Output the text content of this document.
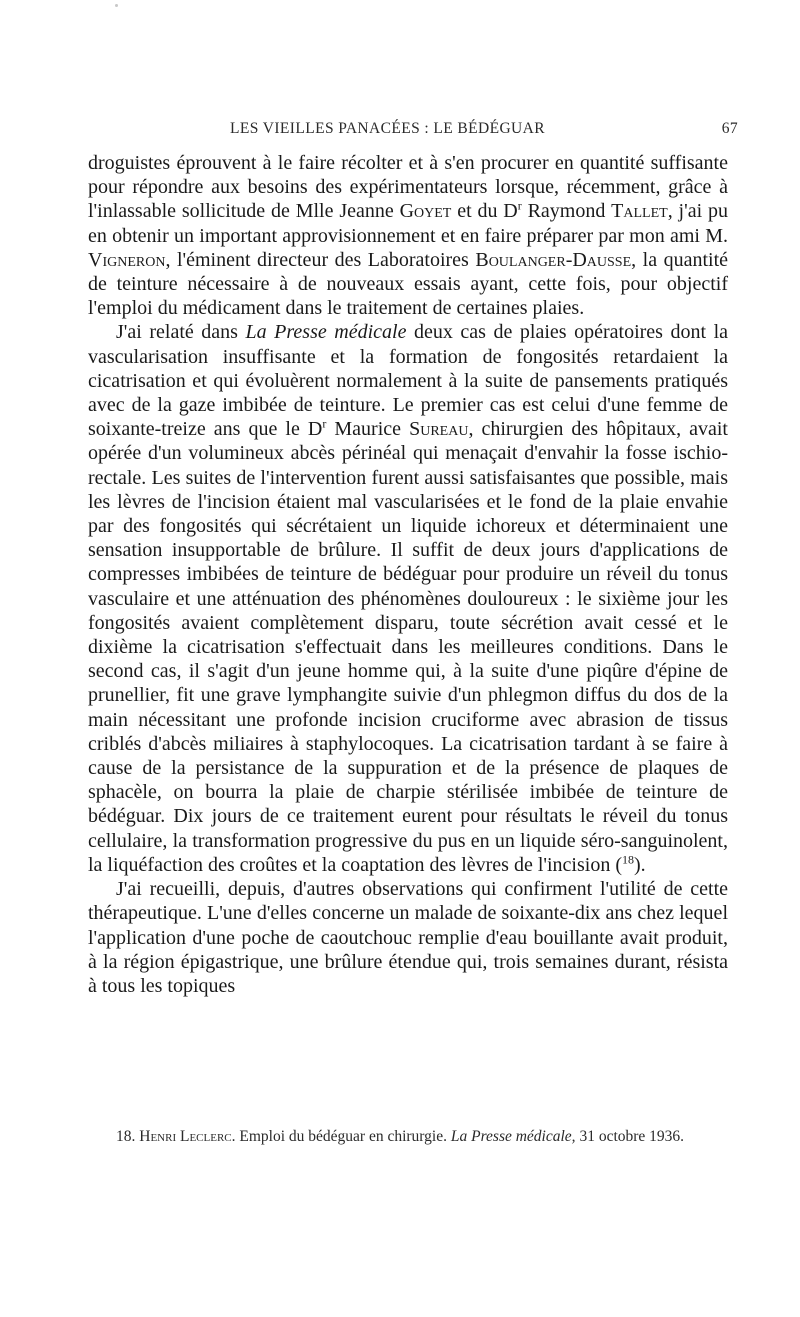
LES VIEILLES PANACÉES : LE BÉDÉGUAR	67

droguistes éprouvent à le faire récolter et à s'en procurer en quantité suffisante pour répondre aux besoins des expérimentateurs lorsque, récemment, grâce à l'inlassable sollicitude de Mlle Jeanne Goyet et du $D^r$ Raymond Tallet, j'ai pu en obtenir un important approvisionnement et en faire préparer par mon ami M. Vigneron, l'éminent directeur des Laboratoires Boulanger-Dausse, la quantité de teinture nécessaire à de nouveaux essais ayant, cette fois, pour objectif l'emploi du médicament dans le traitement de certaines plaies.

J'ai relaté dans La Presse médicale deux cas de plaies opératoires dont la vascularisation insuffisante et la formation de fongosités retardaient la cicatrisation et qui évoluèrent normalement à la suite de pansements pratiqués avec de la gaze imbibée de teinture. Le premier cas est celui d'une femme de soixante-treize ans que le $D^r$ Maurice Sureau, chirurgien des hôpitaux, avait opérée d'un volumineux abcès périnéal qui menaçait d'envahir la fosse ischio-rectale. Les suites de l'intervention furent aussi satisfaisantes que possible, mais les lèvres de l'incision étaient mal vascularisées et le fond de la plaie envahie par des fongosités qui sécrétaient un liquide ichoreux et déterminaient une sensation insupportable de brûlure. Il suffit de deux jours d'applications de compresses imbibées de teinture de bédéguar pour produire un réveil du tonus vasculaire et une atténuation des phénomènes douloureux : le sixième jour les fongosités avaient complètement disparu, toute sécrétion avait cessé et le dixième la cicatrisation s'effectuait dans les meilleures conditions. Dans le second cas, il s'agit d'un jeune homme qui, à la suite d'une piqûre d'épine de prunellier, fit une grave lymphangite suivie d'un phlegmon diffus du dos de la main nécessitant une profonde incision cruciforme avec abrasion de tissus criblés d'abcès miliaires à staphylocoques. La cicatrisation tardant à se faire à cause de la persistance de la suppuration et de la présence de plaques de sphacèle, on bourra la plaie de charpie stérilisée imbibée de teinture de bédéguar. Dix jours de ce traitement eurent pour résultats le réveil du tonus cellulaire, la transformation progressive du pus en un liquide séro-sanguinolent, la liquéfaction des croûtes et la coaptation des lèvres de l'incision ($^{18}$).

J'ai recueilli, depuis, d'autres observations qui confirment l'utilité de cette thérapeutique. L'une d'elles concerne un malade de soixante-dix ans chez lequel l'application d'une poche de caoutchouc remplie d'eau bouillante avait produit, à la région épigastrique, une brûlure étendue qui, trois semaines durant, résista à tous les topiques

18. Henri Leclerc. Emploi du bédéguar en chirurgie. La Presse médicale, 31 octobre 1936.
